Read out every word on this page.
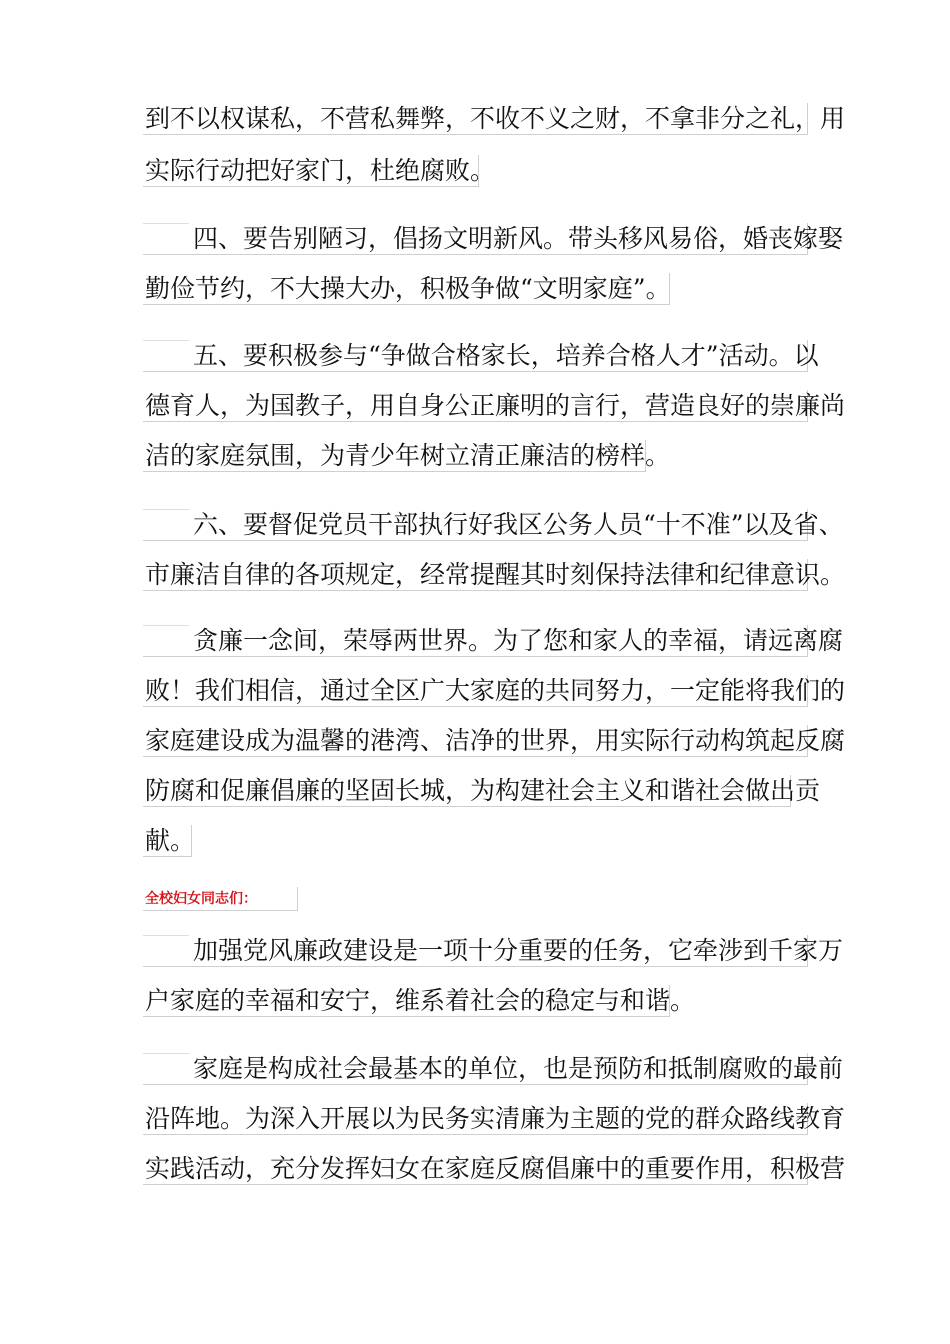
到不以权谋私，不营私舞弊，不收不义之财，不拿非分之礼，用
实际行动把好家门，杜绝腐败。
四、要告别陋习，倡扬文明新风。带头移风易俗，婚丧嫁娶
勤俭节约，不大操大办，积极争做“文明家庭”。
五、要积极参与“争做合格家长，培养合格人才”活动。以
德育人，为国教子，用自身公正廉明的言行，营造良好的崇廉尚
洁的家庭氛围，为青少年树立清正廉洁的榜样。
六、要督促党员干部执行好我区公务人员“十不准”以及省、
市廉洁自律的各项规定，经常提醒其时刻保持法律和纪律意识。
贪廉一念间，荣辱两世界。为了您和家人的幸福，请远离腐
败！我们相信，通过全区广大家庭的共同努力，一定能将我们的
家庭建设成为温馨的港湾、洁净的世界，用实际行动构筑起反腐
防腐和促廉倡廉的坚固长城，为构建社会主义和谐社会做出贡
献。
全校妇女同志们：
加强党风廉政建设是一项十分重要的任务，它牵涉到千家万
户家庭的幸福和安宁，维系着社会的稳定与和谐。
家庭是构成社会最基本的单位，也是预防和抵制腐败的最前
沿阵地。为深入开展以为民务实清廉为主题的党的群众路线教育
实践活动，充分发挥妇女在家庭反腐倡廉中的重要作用，积极营
